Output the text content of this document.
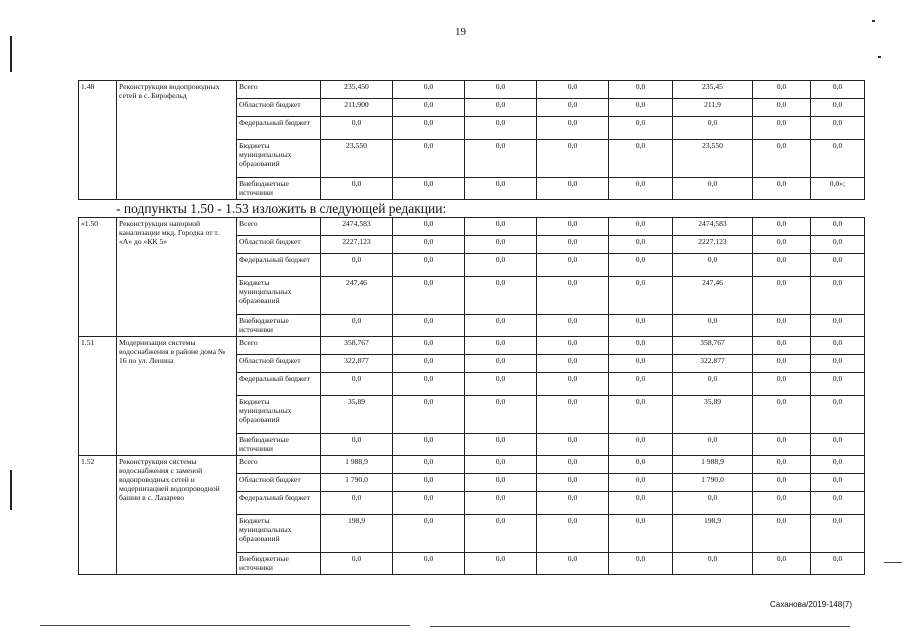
19
1.48	Реконструкция водопроводных сетей в с. Бирофельд	Всего	235,450	0,0	0,0	0,0	0,0	235,45	0,0	0,0
		Областной бюджет	211,900	0,0	0,0	0,0	0,0	211,9	0,0	0,0
		Федеральный бюджет	0,0	0,0	0,0	0,0	0,0	0,0	0,0	0,0
		Бюджеты муниципальных образований	23,550	0,0	0,0	0,0	0,0	23,550	0,0	0,0
		Внебюджетные источники	0,0	0,0	0,0	0,0	0,0	0,0	0,0	0,0»;
- подпункты 1.50 - 1.53 изложить в следующей редакции:
«1.50	Реконструкция напорной канализации мкд. Городка от т. «А» до «КК 5»	Всего	2474,583	0,0	0,0	0,0	0,0	2474,583	0,0	0,0
		Областной бюджет	2227,123	0,0	0,0	0,0	0,0	2227,123	0,0	0,0
		Федеральный бюджет	0,0	0,0	0,0	0,0	0,0	0,0	0,0	0,0
		Бюджеты муниципальных образований	247,46	0,0	0,0	0,0	0,0	247,46	0,0	0,0
		Внебюджетные источники	0,0	0,0	0,0	0,0	0,0	0,0	0,0	0,0
1.51	Модернизация системы водоснабжения в районе дома № 16 по ул. Ленина	Всего	358,767	0,0	0,0	0,0	0,0	358,767	0,0	0,0
		Областной бюджет	322,877	0,0	0,0	0,0	0,0	322,877	0,0	0,0
		Федеральный бюджет	0,0	0,0	0,0	0,0	0,0	0,0	0,0	0,0
		Бюджеты муниципальных образований	35,89	0,0	0,0	0,0	0,0	35,89	0,0	0,0
		Внебюджетные источники	0,0	0,0	0,0	0,0	0,0	0,0	0,0	0,0
1.52	Реконструкция системы водоснабжения с заменой водопроводных сетей и модернизацией водопроводной башни в с. Лазарево	Всего	1 988,9	0,0	0,0	0,0	0,0	1 988,9	0,0	0,0
		Областной бюджет	1 790,0	0,0	0,0	0,0	0,0	1 790,0	0,0	0,0
		Федеральный бюджет	0,0	0,0	0,0	0,0	0,0	0,0	0,0	0,0
		Бюджеты муниципальных образований	198,9	0,0	0,0	0,0	0,0	198,9	0,0	0,0
		Внебюджетные источники	0,0	0,0	0,0	0,0	0,0	0,0	0,0	0,0
Саханова/2019-148(7)
